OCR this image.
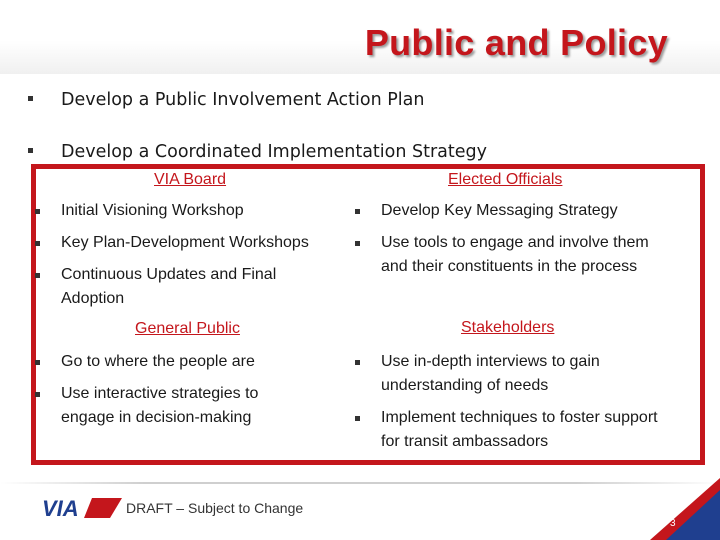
Public and Policy
Develop a Public Involvement Action Plan
Develop a Coordinated Implementation Strategy
VIA Board
Initial Visioning Workshop
Key Plan-Development Workshops
Continuous Updates and Final Adoption
Elected Officials
Develop Key Messaging Strategy
Use tools to engage and involve them and their constituents in the process
General Public
Go to where the people are
Use interactive strategies to engage in decision-making
Stakeholders
Use in-depth interviews to gain understanding of needs
Implement techniques to foster support for transit ambassadors
VIA	DRAFT – Subject to Change
3
